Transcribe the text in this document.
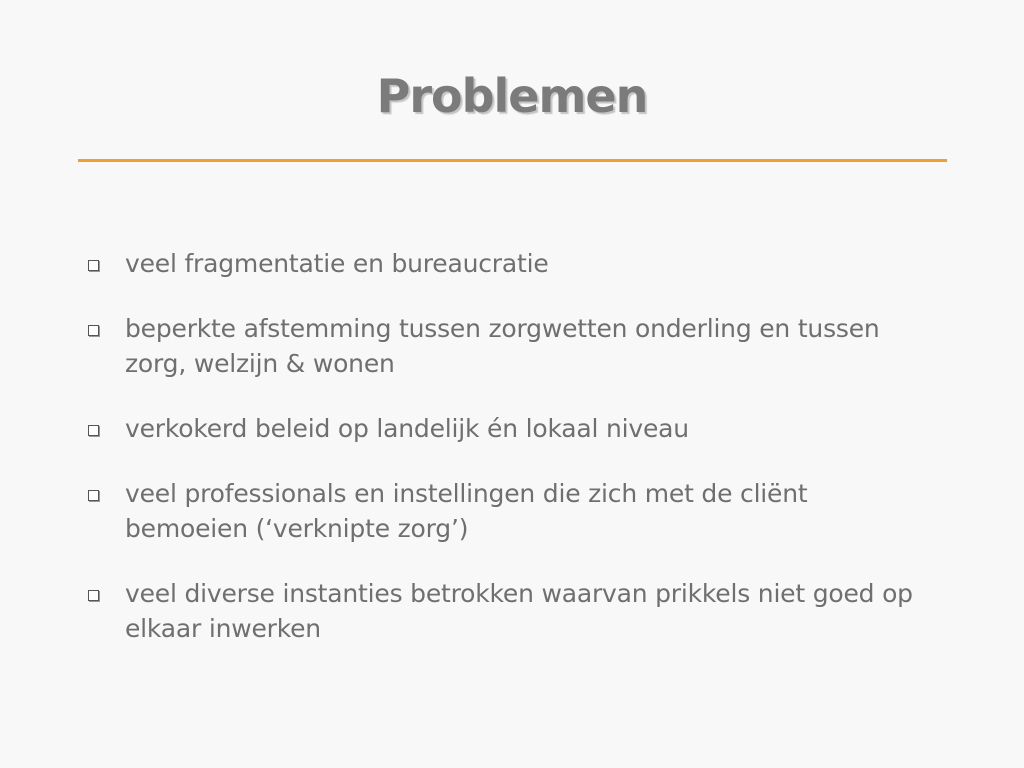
Problemen
veel fragmentatie en bureaucratie
beperkte afstemming tussen zorgwetten onderling en tussen zorg, welzijn & wonen
verkokerd beleid op landelijk én lokaal niveau
veel professionals en instellingen die zich met de cliënt bemoeien (‘verknipte zorg’)
veel diverse instanties betrokken waarvan prikkels niet goed op elkaar inwerken
